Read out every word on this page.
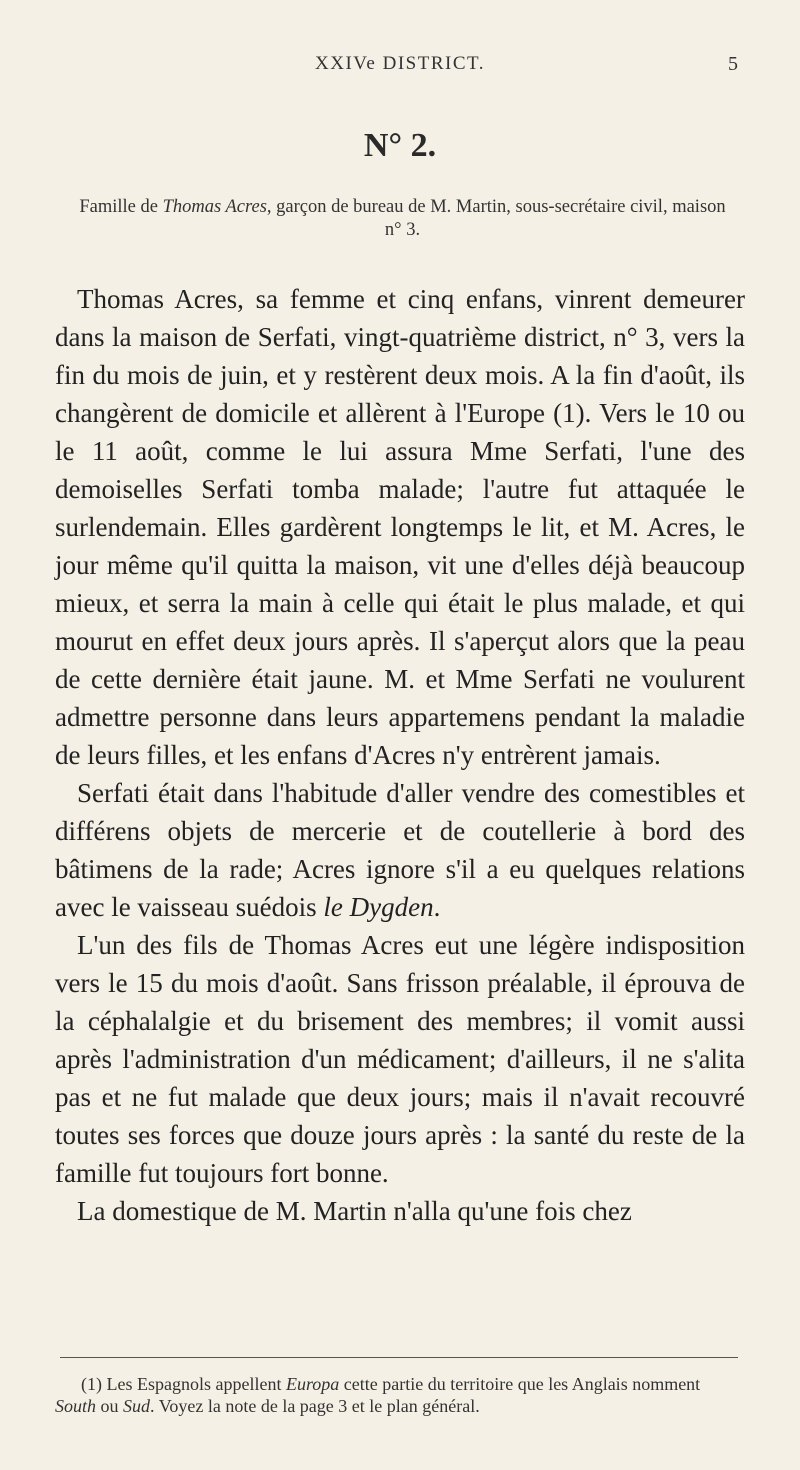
XXIVe DISTRICT.	5
N° 2.
Famille de Thomas Acres, garçon de bureau de M. Martin, sous-secrétaire civil, maison n° 3.

Thomas Acres, sa femme et cinq enfans, vinrent demeurer dans la maison de Serfati, vingt-quatrième district, n° 3, vers la fin du mois de juin, et y restèrent deux mois. A la fin d'août, ils changèrent de domicile et allèrent à l'Europe (1). Vers le 10 ou le 11 août, comme le lui assura Mme Serfati, l'une des demoiselles Serfati tomba malade; l'autre fut attaquée le surlendemain. Elles gardèrent longtemps le lit, et M. Acres, le jour même qu'il quitta la maison, vit une d'elles déjà beaucoup mieux, et serra la main à celle qui était le plus malade, et qui mourut en effet deux jours après. Il s'aperçut alors que la peau de cette dernière était jaune. M. et Mme Serfati ne voulurent admettre personne dans leurs appartemens pendant la maladie de leurs filles, et les enfans d'Acres n'y entrèrent jamais.

Serfati était dans l'habitude d'aller vendre des comestibles et différens objets de mercerie et de coutellerie à bord des bâtimens de la rade; Acres ignore s'il a eu quelques relations avec le vaisseau suédois le Dygden.

L'un des fils de Thomas Acres eut une légère indisposition vers le 15 du mois d'août. Sans frisson préalable, il éprouva de la céphalalgie et du brisement des membres; il vomit aussi après l'administration d'un médicament; d'ailleurs, il ne s'alita pas et ne fut malade que deux jours; mais il n'avait recouvré toutes ses forces que douze jours après : la santé du reste de la famille fut toujours fort bonne.

La domestique de M. Martin n'alla qu'une fois chez

(1) Les Espagnols appellent Europa cette partie du territoire que les Anglais nomment South ou Sud. Voyez la note de la page 3 et le plan général.
